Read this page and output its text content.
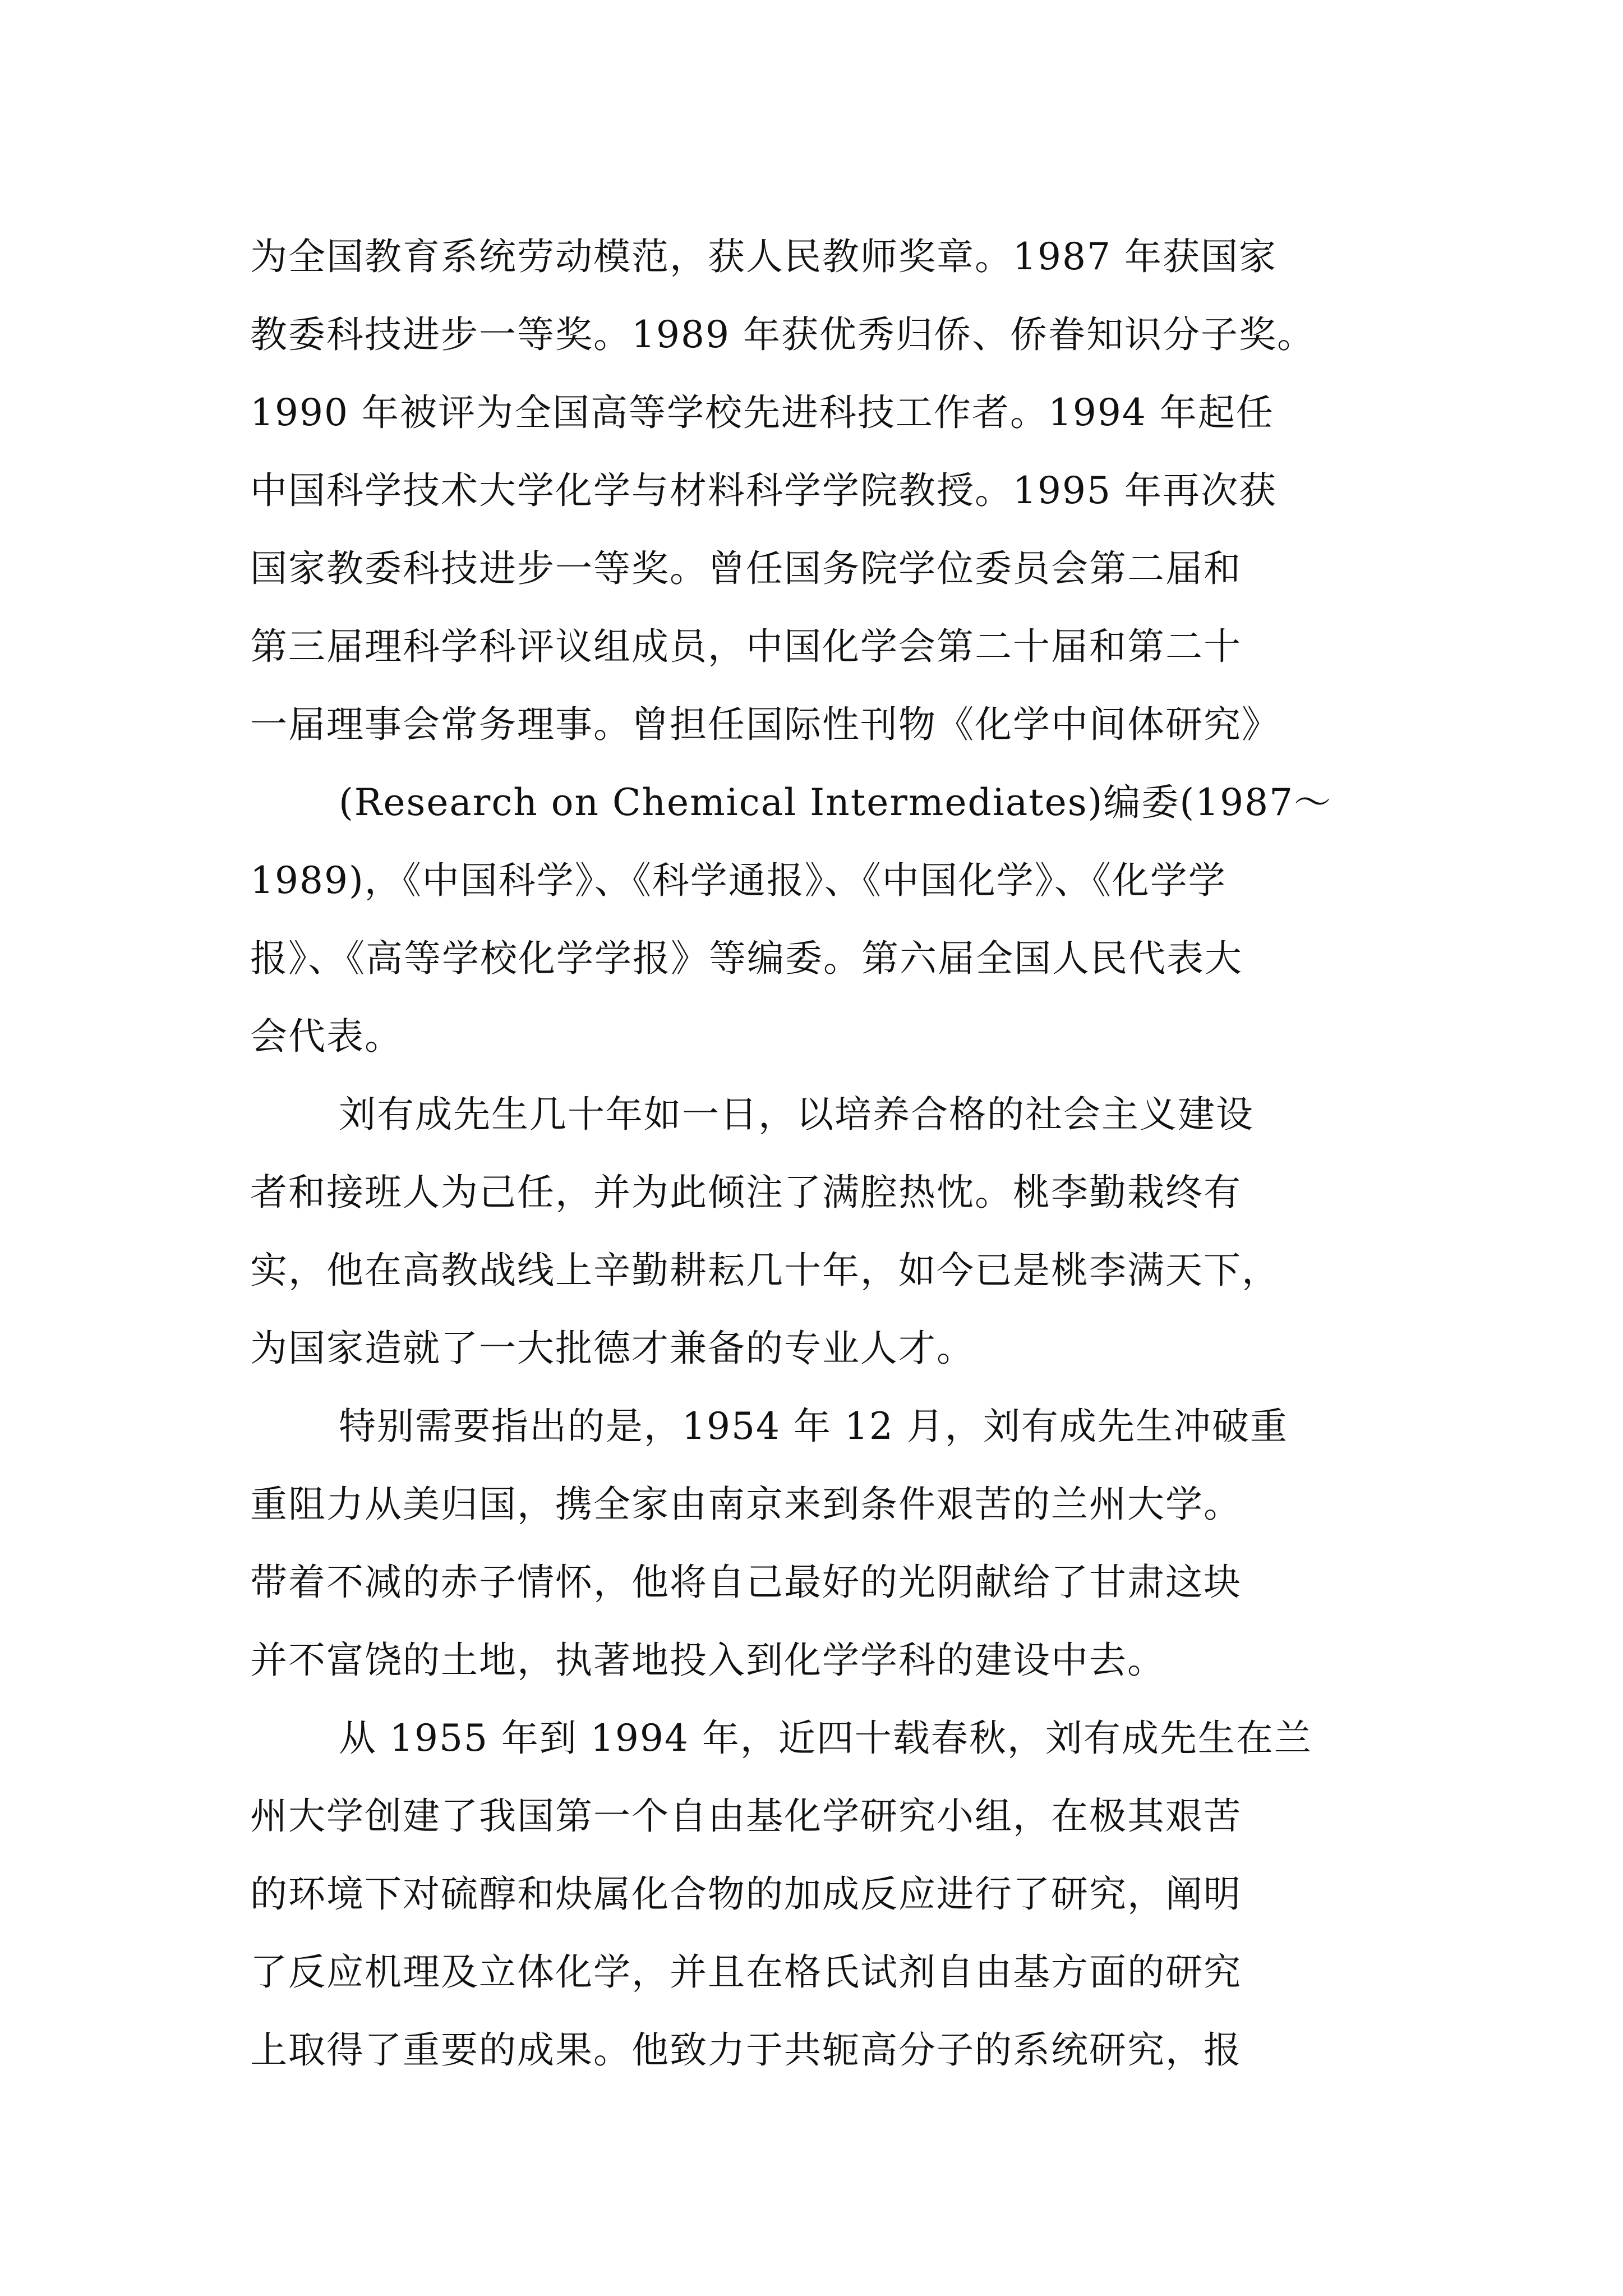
为全国教育系统劳动模范，获人民教师奖章。1987 年获国家
教委科技进步一等奖。1989 年获优秀归侨、侨眷知识分子奖。
1990 年被评为全国高等学校先进科技工作者。1994 年起任
中国科学技术大学化学与材料科学学院教授。1995 年再次获
国家教委科技进步一等奖。曾任国务院学位委员会第二届和
第三届理科学科评议组成员，中国化学会第二十届和第二十
一届理事会常务理事。曾担任国际性刊物《化学中间体研究》
(Research on Chemical Intermediates)编委(1987～
1989)，《中国科学》、《科学通报》、《中国化学》、《化学学
报》、《高等学校化学学报》等编委。第六届全国人民代表大
会代表。
刘有成先生几十年如一日，以培养合格的社会主义建设
者和接班人为己任，并为此倾注了满腔热忱。桃李勤栽终有
实，他在高教战线上辛勤耕耘几十年，如今已是桃李满天下，
为国家造就了一大批德才兼备的专业人才。
特别需要指出的是，1954 年 12 月，刘有成先生冲破重
重阻力从美归国，携全家由南京来到条件艰苦的兰州大学。
带着不减的赤子情怀，他将自己最好的光阴献给了甘肃这块
并不富饶的土地，执著地投入到化学学科的建设中去。
从 1955 年到 1994 年，近四十载春秋，刘有成先生在兰
州大学创建了我国第一个自由基化学研究小组，在极其艰苦
的环境下对硫醇和炔属化合物的加成反应进行了研究，阐明
了反应机理及立体化学，并且在格氏试剂自由基方面的研究
上取得了重要的成果。他致力于共轭高分子的系统研究，报
